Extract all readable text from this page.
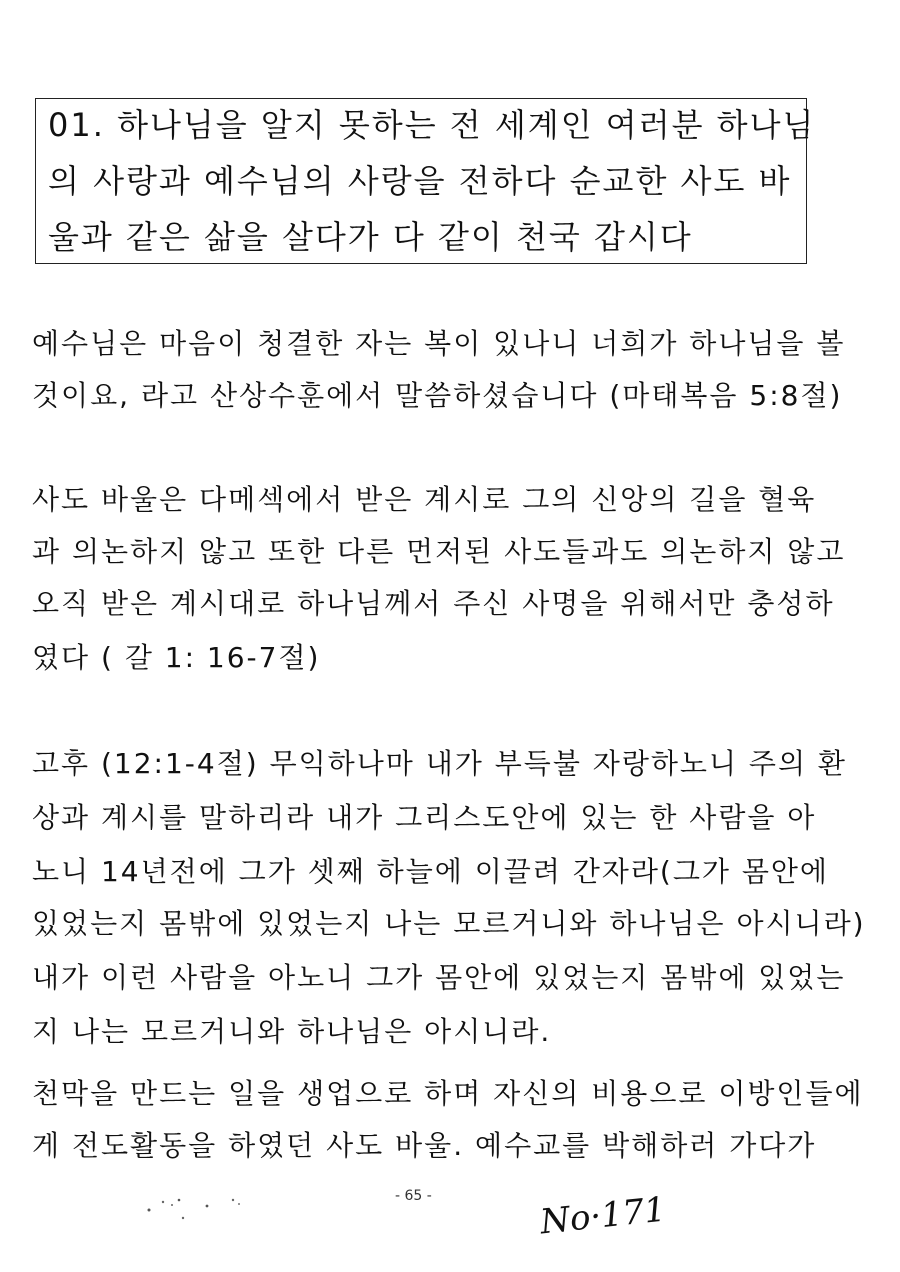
01. 하나님을 알지 못하는 전 세계인 여러분 하나님
의 사랑과 예수님의 사랑을 전하다 순교한 사도 바
울과 같은 삶을 살다가 다 같이 천국 갑시다
예수님은 마음이 청결한 자는 복이 있나니 너희가 하나님을 볼
것이요, 라고 산상수훈에서 말씀하셨습니다 (마태복음 5:8절)
사도 바울은 다메섹에서 받은 계시로 그의 신앙의 길을 혈육
과 의논하지 않고 또한 다른 먼저된 사도들과도 의논하지 않고
오직 받은 계시대로 하나님께서 주신 사명을 위해서만 충성하
였다 ( 갈 1: 16-7절)
고후 (12:1-4절) 무익하나마 내가 부득불 자랑하노니 주의 환
상과 계시를 말하리라 내가 그리스도안에 있는 한 사람을 아
노니 14년전에 그가 셋째 하늘에 이끌려 간자라(그가 몸안에
있었는지 몸밖에 있었는지 나는 모르거니와 하나님은 아시니라)
내가 이런 사람을 아노니 그가 몸안에 있었는지 몸밖에 있었는
지 나는 모르거니와 하나님은 아시니라.
천막을 만드는 일을 생업으로 하며 자신의 비용으로 이방인들에
게 전도활동을 하였던 사도 바울. 예수교를 박해하러 가다가
- 65 -	No·171
